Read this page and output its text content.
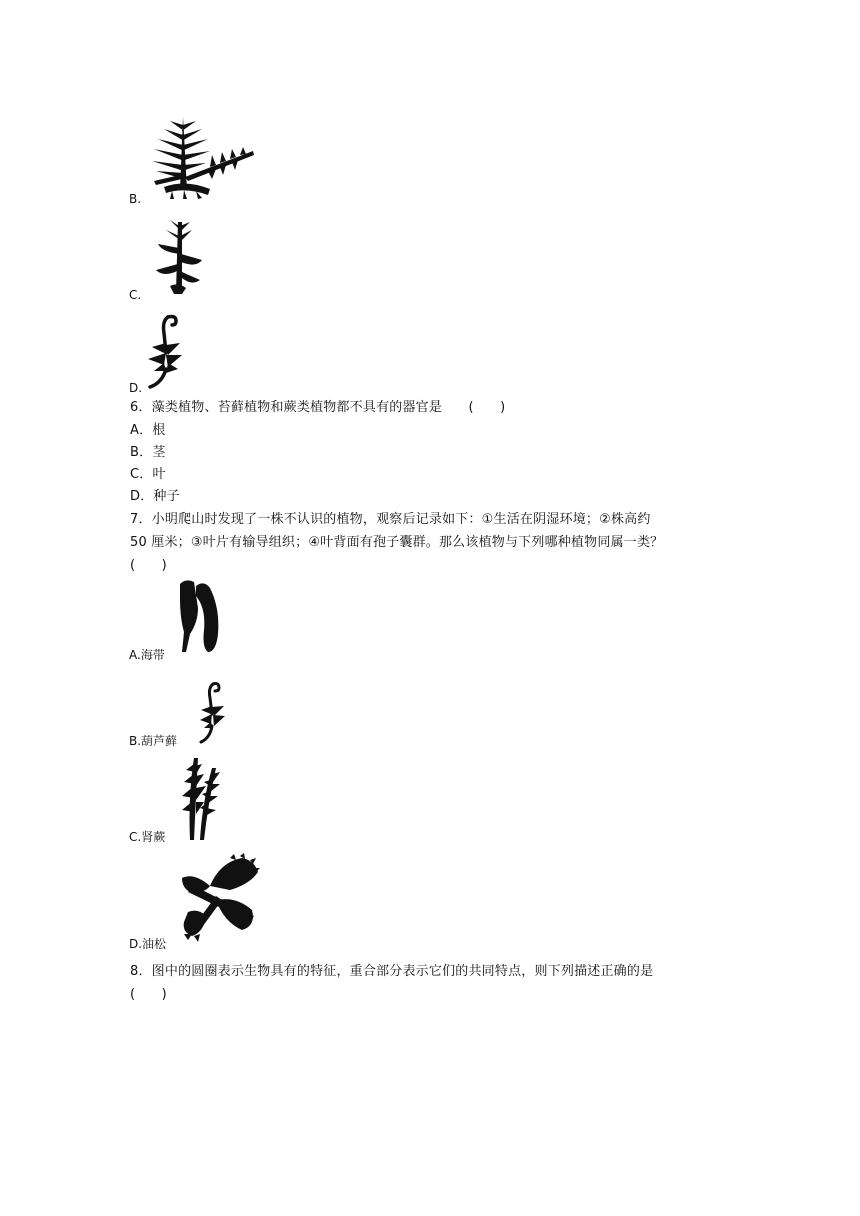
B.
C.
D.
6．藻类植物、苔藓植物和蕨类植物都不具有的器官是　　(　　)
A．根
B．茎
C．叶
D．种子
7．小明爬山时发现了一株不认识的植物，观察后记录如下：①生活在阴湿环境；②株高约
50 厘米；③叶片有输导组织；④叶背面有孢子囊群。那么该植物与下列哪种植物同属一类？
(　　)
A.海带
B.葫芦藓
C.肾蕨
D.油松
8．图中的圆圈表示生物具有的特征，重合部分表示它们的共同特点，则下列描述正确的是
(　　)
